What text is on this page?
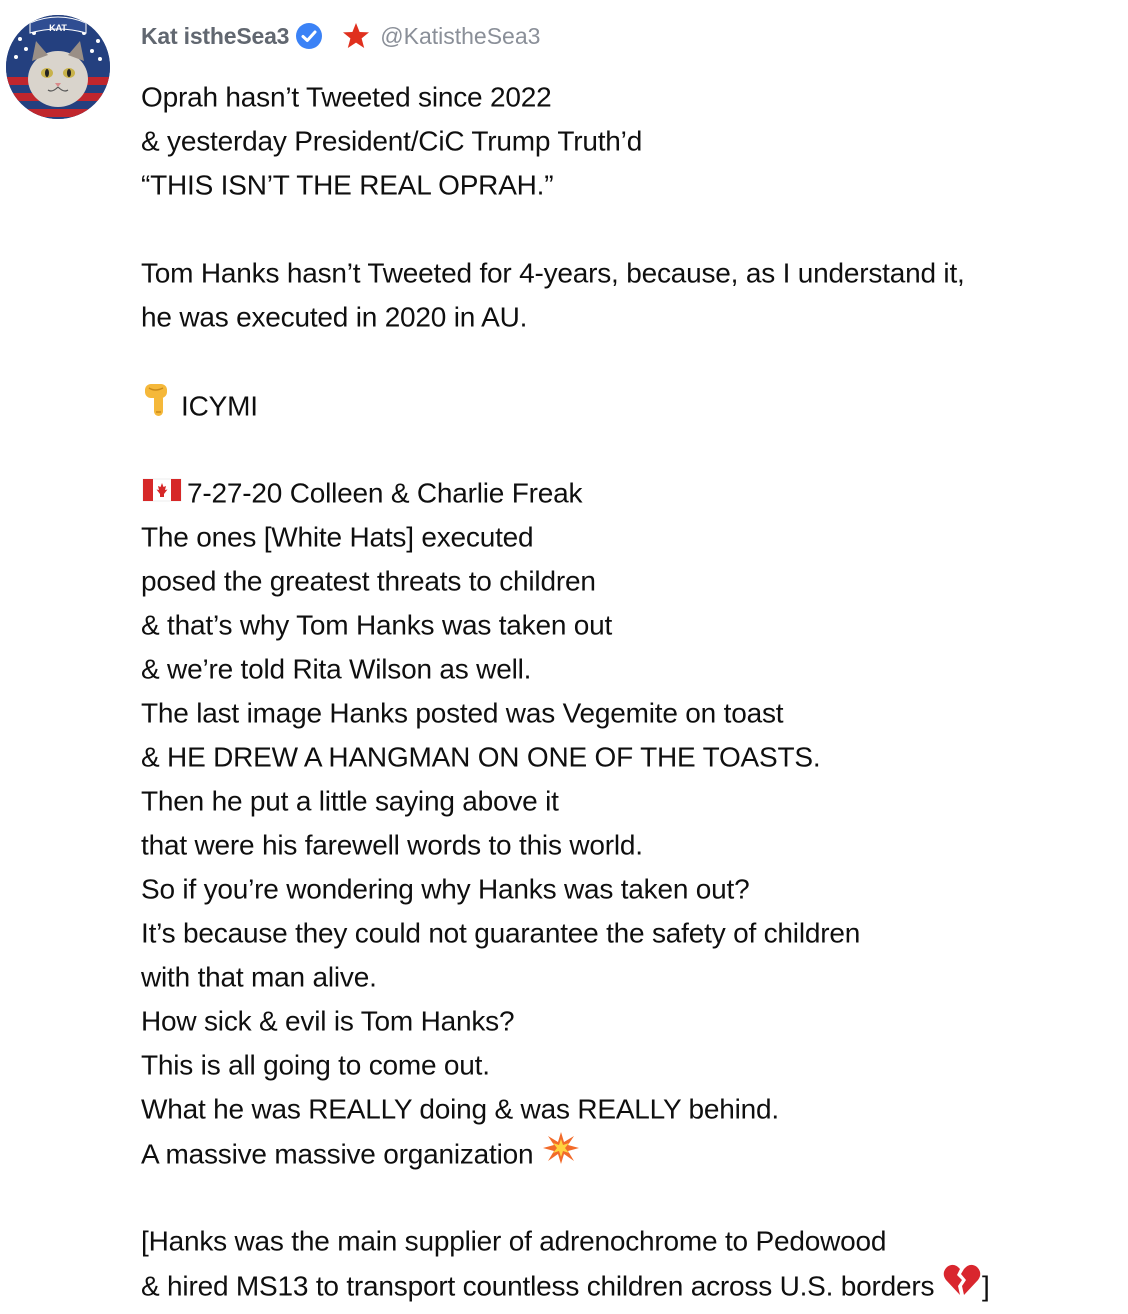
KAT	Kat istheSea3	@KatistheSea3
Oprah hasn’t Tweeted since 2022
& yesterday President/CiC Trump Truth’d
“THIS ISN’T THE REAL OPRAH.”
Tom Hanks hasn’t Tweeted for 4-years, because, as I understand it,
he was executed in 2020 in AU.
ICYMI
7-27-20 Colleen & Charlie Freak
The ones [White Hats] executed
posed the greatest threats to children
& that’s why Tom Hanks was taken out
& we’re told Rita Wilson as well.
The last image Hanks posted was Vegemite on toast
& HE DREW A HANGMAN ON ONE OF THE TOASTS.
Then he put a little saying above it
that were his farewell words to this world.
So if you’re wondering why Hanks was taken out?
It’s because they could not guarantee the safety of children
with that man alive.
How sick & evil is Tom Hanks?
This is all going to come out.
What he was REALLY doing & was REALLY behind.
A massive massive organization
[Hanks was the main supplier of adrenochrome to Pedowood
& hired MS13 to transport countless children across U.S. borders ]
